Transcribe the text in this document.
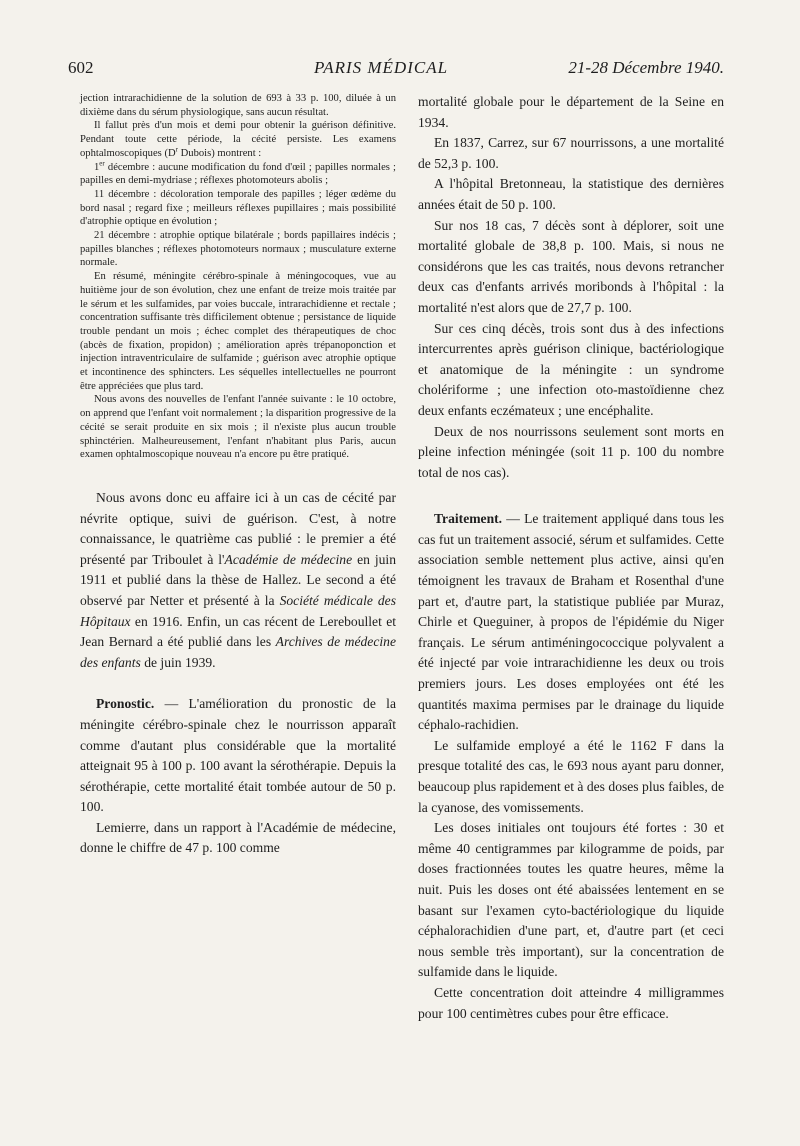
602	PARIS MÉDICAL	21-28 Décembre 1940.

jection intrarachidienne de la solution de 693 à 33 p. 100, diluée à un dixième dans du sérum physiologique, sans aucun résultat.

Il fallut près d'un mois et demi pour obtenir la guérison définitive. Pendant toute cette période, la cécité persiste. Les examens ophtalmoscopiques ($D^r$ Dubois) montrent :

1er décembre : aucune modification du fond d'œil ; papilles normales ; papilles en demi-mydriase ; réflexes photomoteurs abolis ;

11 décembre : décoloration temporale des papilles ; léger œdème du bord nasal ; regard fixe ; meilleurs réflexes pupillaires ; mais possibilité d'atrophie optique en évolution ;

21 décembre : atrophie optique bilatérale ; bords papillaires indécis ; papilles blanches ; réflexes photomoteurs normaux ; musculature externe normale.

En résumé, méningite cérébro-spinale à méningocoques, vue au huitième jour de son évolution, chez une enfant de treize mois traitée par le sérum et les sulfamides, par voies buccale, intrarachidienne et rectale ; concentration suffisante très difficilement obtenue ; persistance de liquide trouble pendant un mois ; échec complet des thérapeutiques de choc (abcès de fixation, propidon) ; amélioration après trépanoponction et injection intraventriculaire de sulfamide ; guérison avec atrophie optique et incontinence des sphincters. Les séquelles intellectuelles ne pourront être appréciées que plus tard.

Nous avons des nouvelles de l'enfant l'année suivante : le 10 octobre, on apprend que l'enfant voit normalement ; la disparition progressive de la cécité se serait produite en six mois ; il n'existe plus aucun trouble sphinctérien. Malheureusement, l'enfant n'habitant plus Paris, aucun examen ophtalmoscopique nouveau n'a encore pu être pratiqué.

Nous avons donc eu affaire ici à un cas de cécité par névrite optique, suivi de guérison. C'est, à notre connaissance, le quatrième cas publié : le premier a été présenté par Triboulet à l'Académie de médecine en juin 1911 et publié dans la thèse de Hallez. Le second a été observé par Netter et présenté à la Société médicale des Hôpitaux en 1916. Enfin, un cas récent de Lereboullet et Jean Bernard a été publié dans les Archives de médecine des enfants de juin 1939.

Pronostic. — L'amélioration du pronostic de la méningite cérébro-spinale chez le nourrisson apparaît comme d'autant plus considérable que la mortalité atteignait 95 à 100 p. 100 avant la sérothérapie. Depuis la sérothérapie, cette mortalité était tombée autour de 50 p. 100.

Lemierre, dans un rapport à l'Académie de médecine, donne le chiffre de 47 p. 100 comme

mortalité globale pour le département de la Seine en 1934.

En 1837, Carrez, sur 67 nourrissons, a une mortalité de 52,3 p. 100.

A l'hôpital Bretonneau, la statistique des dernières années était de 50 p. 100.

Sur nos 18 cas, 7 décès sont à déplorer, soit une mortalité globale de 38,8 p. 100. Mais, si nous ne considérons que les cas traités, nous devons retrancher deux cas d'enfants arrivés moribonds à l'hôpital : la mortalité n'est alors que de 27,7 p. 100.

Sur ces cinq décès, trois sont dus à des infections intercurrentes après guérison clinique, bactériologique et anatomique de la méningite : un syndrome cholériforme ; une infection oto-mastoïdienne chez deux enfants eczémateux ; une encéphalite.

Deux de nos nourrissons seulement sont morts en pleine infection méningée (soit 11 p. 100 du nombre total de nos cas).

Traitement. — Le traitement appliqué dans tous les cas fut un traitement associé, sérum et sulfamides. Cette association semble nettement plus active, ainsi qu'en témoignent les travaux de Braham et Rosenthal d'une part et, d'autre part, la statistique publiée par Muraz, Chirle et Queguiner, à propos de l'épidémie du Niger français. Le sérum antiméningococcique polyvalent a été injecté par voie intrarachidienne les deux ou trois premiers jours. Les doses employées ont été les quantités maxima permises par le drainage du liquide céphalo-rachidien.

Le sulfamide employé a été le 1162 F dans la presque totalité des cas, le 693 nous ayant paru donner, beaucoup plus rapidement et à des doses plus faibles, de la cyanose, des vomissements.

Les doses initiales ont toujours été fortes : 30 et même 40 centigrammes par kilogramme de poids, par doses fractionnées toutes les quatre heures, même la nuit. Puis les doses ont été abaissées lentement en se basant sur l'examen cyto-bactériologique du liquide céphalorachidien d'une part, et, d'autre part (et ceci nous semble très important), sur la concentration de sulfamide dans le liquide.

Cette concentration doit atteindre 4 milligrammes pour 100 centimètres cubes pour être efficace.
